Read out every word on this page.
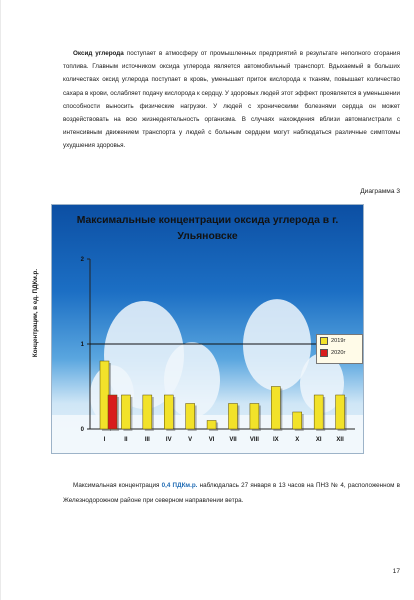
Оксид углерода поступает в атмосферу от промышленных предприятий в результате неполного сгорания топлива. Главным источником оксида углерода является автомобильный транспорт. Вдыхаемый в больших количествах оксид углерода поступает в кровь, уменьшает приток кислорода к тканям, повышает количество сахара в крови, ослабляет подачу кислорода к сердцу. У здоровых людей этот эффект проявляется в уменьшении способности выносить физические нагрузки. У людей с хроническими болезнями сердца он может воздействовать на всю жизнедеятельность организма. В случаях нахождения вблизи автомагистрали с интенсивным движением транспорта у людей с больным сердцем могут наблюдаться различные симптомы ухудшения здоровья.

Диаграмма 3
0
1
2
I	II	III	IV	V	VI VII VIII IX	X	XI XII
Максимальные концентрации оксида углерода в г. Ульяновске
Концентрации, в ед. ПДКм.р.	2019г
2020г

Максимальная концентрация 0,4 ПДКм.р. наблюдалась 27 января в 13 часов на ПНЗ № 4, расположенном в Железнодорожном районе при северном направлении ветра.

17
